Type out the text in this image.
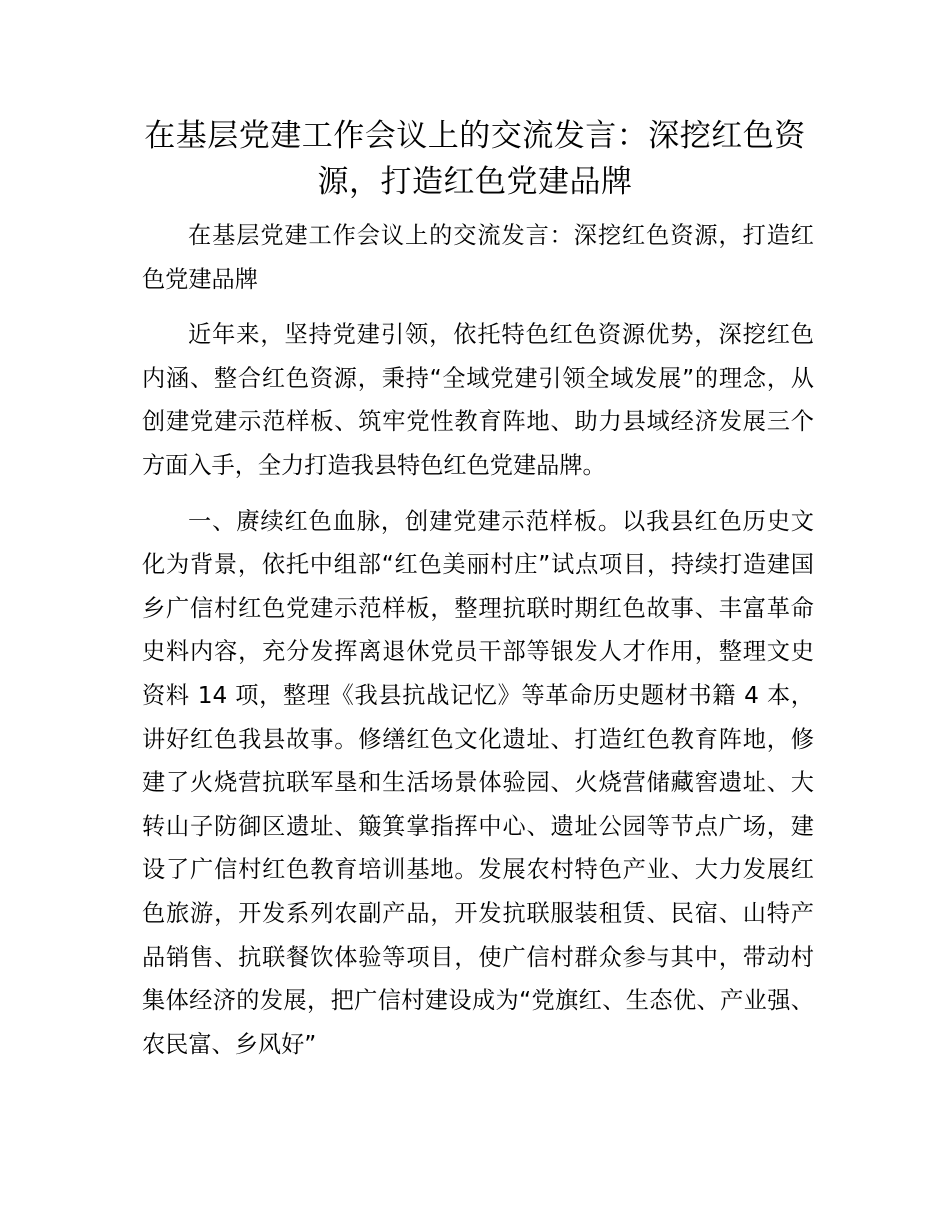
在基层党建工作会议上的交流发言：深挖红色资源，打造红色党建品牌

在基层党建工作会议上的交流发言：深挖红色资源，打造红色党建品牌

近年来，坚持党建引领，依托特色红色资源优势，深挖红色内涵、整合红色资源，秉持“全域党建引领全域发展”的理念，从创建党建示范样板、筑牢党性教育阵地、助力县域经济发展三个方面入手，全力打造我县特色红色党建品牌。

一、赓续红色血脉，创建党建示范样板。以我县红色历史文化为背景，依托中组部“红色美丽村庄”试点项目，持续打造建国乡广信村红色党建示范样板，整理抗联时期红色故事、丰富革命史料内容，充分发挥离退休党员干部等银发人才作用，整理文史资料 14 项，整理《我县抗战记忆》等革命历史题材书籍 4 本，讲好红色我县故事。修缮红色文化遗址、打造红色教育阵地，修建了火烧营抗联军垦和生活场景体验园、火烧营储藏窖遗址、大转山子防御区遗址、簸箕掌指挥中心、遗址公园等节点广场，建设了广信村红色教育培训基地。发展农村特色产业、大力发展红色旅游，开发系列农副产品，开发抗联服装租赁、民宿、山特产品销售、抗联餐饮体验等项目，使广信村群众参与其中，带动村集体经济的发展，把广信村建设成为“党旗红、生态优、产业强、农民富、乡风好”
